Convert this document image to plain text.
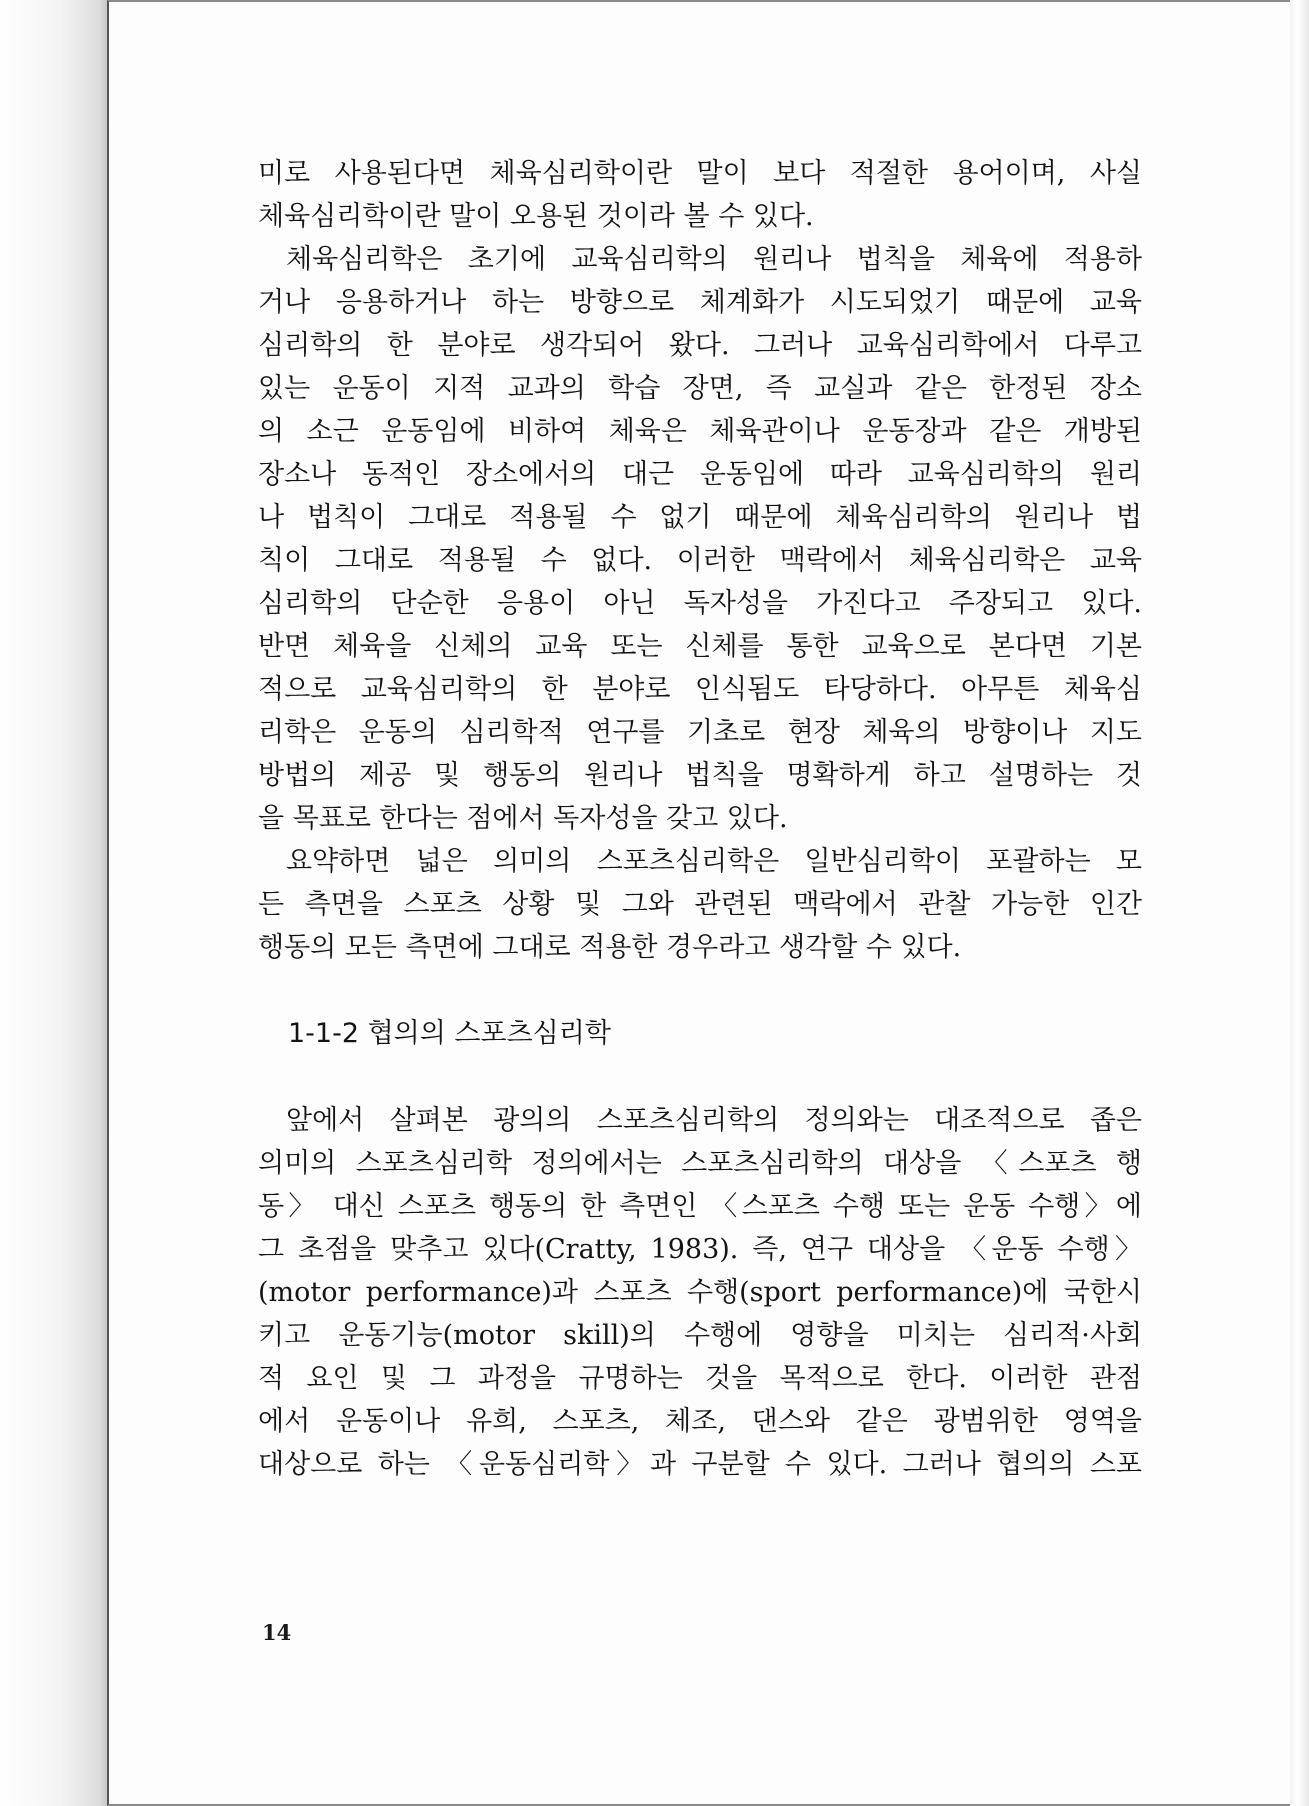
미로 사용된다면 체육심리학이란 말이 보다 적절한 용어이며, 사실
체육심리학이란 말이 오용된 것이라 볼 수 있다.
체육심리학은 초기에 교육심리학의 원리나 법칙을 체육에 적용하
거나 응용하거나 하는 방향으로 체계화가 시도되었기 때문에 교육
심리학의 한 분야로 생각되어 왔다. 그러나 교육심리학에서 다루고
있는 운동이 지적 교과의 학습 장면, 즉 교실과 같은 한정된 장소
의 소근 운동임에 비하여 체육은 체육관이나 운동장과 같은 개방된
장소나 동적인 장소에서의 대근 운동임에 따라 교육심리학의 원리
나 법칙이 그대로 적용될 수 없기 때문에 체육심리학의 원리나 법
칙이 그대로 적용될 수 없다. 이러한 맥락에서 체육심리학은 교육
심리학의 단순한 응용이 아닌 독자성을 가진다고 주장되고 있다.
반면 체육을 신체의 교육 또는 신체를 통한 교육으로 본다면 기본
적으로 교육심리학의 한 분야로 인식됨도 타당하다. 아무튼 체육심
리학은 운동의 심리학적 연구를 기초로 현장 체육의 방향이나 지도
방법의 제공 및 행동의 원리나 법칙을 명확하게 하고 설명하는 것
을 목표로 한다는 점에서 독자성을 갖고 있다.
요약하면 넓은 의미의 스포츠심리학은 일반심리학이 포괄하는 모
든 측면을 스포츠 상황 및 그와 관련된 맥락에서 관찰 가능한 인간
행동의 모든 측면에 그대로 적용한 경우라고 생각할 수 있다.
1-1-2 협의의 스포츠심리학
앞에서 살펴본 광의의 스포츠심리학의 정의와는 대조적으로 좁은
의미의 스포츠심리학 정의에서는 스포츠심리학의 대상을 〈스포츠 행
동〉 대신 스포츠 행동의 한 측면인 〈스포츠 수행 또는 운동 수행〉에
그 초점을 맞추고 있다(Cratty, 1983). 즉, 연구 대상을 〈운동 수행〉
(motor performance)과 스포츠 수행(sport performance)에 국한시
키고 운동기능(motor skill)의 수행에 영향을 미치는 심리적·사회
적 요인 및 그 과정을 규명하는 것을 목적으로 한다. 이러한 관점
에서 운동이나 유희, 스포츠, 체조, 댄스와 같은 광범위한 영역을
대상으로 하는 〈운동심리학〉과 구분할 수 있다. 그러나 협의의 스포
14
